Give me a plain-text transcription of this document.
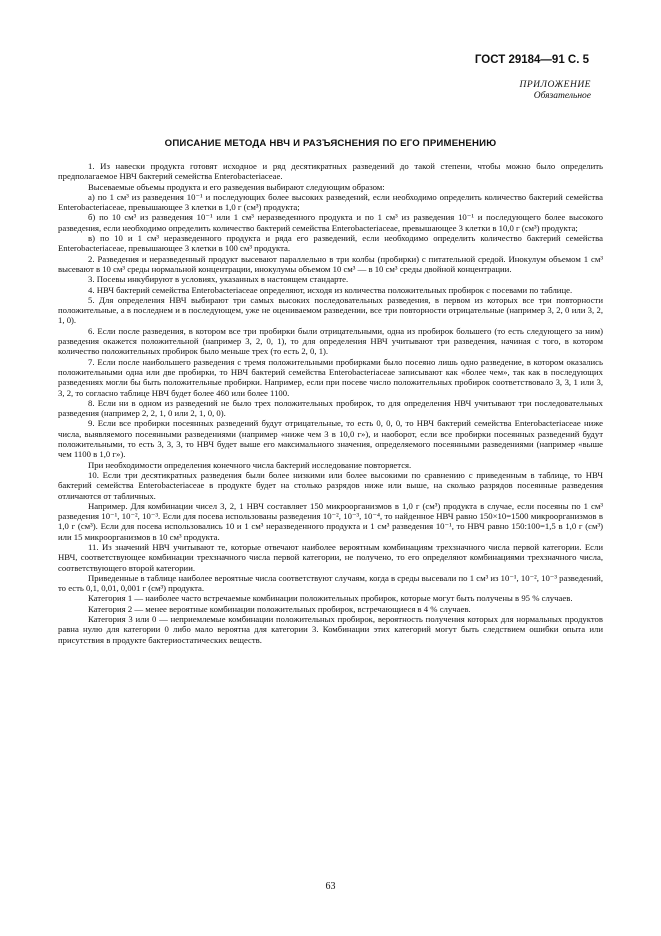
ГОСТ 29184—91 С. 5
ПРИЛОЖЕНИЕ
Обязательное
ОПИСАНИЕ МЕТОДА НВЧ И РАЗЪЯСНЕНИЯ ПО ЕГО ПРИМЕНЕНИЮ

1. Из навески продукта готовят исходное и ряд десятикратных разведений до такой степени, чтобы можно было определить предполагаемое НВЧ бактерий семейства Enterobacteriaceae.

Высеваемые объемы продукта и его разведения выбирают следующим образом:

а) по 1 см³ из разведения 10⁻¹ и последующих более высоких разведений, если необходимо определить количество бактерий семейства Enterobacteriaceae, превышающее 3 клетки в 1,0 г (см³) продукта;

б) по 10 см³ из разведения 10⁻¹ или 1 см³ неразведенного продукта и по 1 см³ из разведения 10⁻¹ и последующего более высокого разведения, если необходимо определить количество бактерий семейства Enterobacteriaceae, превышающее 3 клетки в 10,0 г (см³) продукта;

в) по 10 и 1 см³ неразведенного продукта и ряда его разведений, если необходимо определить количество бактерий семейства Enterobacteriaceae, превышающее 3 клетки в 100 см³ продукта.

2. Разведения и неразведенный продукт высевают параллельно в три колбы (пробирки) с питательной средой. Инокулум объемом 1 см³ высевают в 10 см³ среды нормальной концентрации, инокулумы объемом 10 см³ — в 10 см³ среды двойной концентрации.

3. Посевы инкубируют в условиях, указанных в настоящем стандарте.

4. НВЧ бактерий семейства Enterobacteriaceae определяют, исходя из количества положительных пробирок с посевами по таблице.

5. Для определения НВЧ выбирают три самых высоких последовательных разведения, в первом из которых все три повторности положительные, а в последнем и в последующем, уже не оцениваемом разведении, все три повторности отрицательные (например 3, 2, 0 или 3, 2, 1, 0).

6. Если после разведения, в котором все три пробирки были отрицательными, одна из пробирок большего (то есть следующего за ним) разведения окажется положительной (например 3, 2, 0, 1), то для определения НВЧ учитывают три разведения, начиная с того, в котором количество положительных пробирок было меньше трех (то есть 2, 0, 1).

7. Если после наибольшего разведения с тремя положительными пробирками было посеяно лишь одно разведение, в котором оказались положительными одна или две пробирки, то НВЧ бактерий семейства Enterobacteriaceae записывают как «более чем», так как в последующих разведениях могли бы быть положительные пробирки. Например, если при посеве число положительных пробирок соответствовало 3, 3, 1 или 3, 3, 2, то согласно таблице НВЧ будет более 460 или более 1100.

8. Если ни в одном из разведений не было трех положительных пробирок, то для определения НВЧ учитывают три последовательных разведения (например 2, 2, 1, 0 или 2, 1, 0, 0).

9. Если все пробирки посеянных разведений будут отрицательные, то есть 0, 0, 0, то НВЧ бактерий семейства Enterobacteriaceae ниже числа, выявляемого посеянными разведениями (например «ниже чем 3 в 10,0 г»), и наоборот, если все пробирки посеянных разведений будут положительными, то есть 3, 3, 3, то НВЧ будет выше его максимального значения, определяемого посеянными разведениями (например «выше чем 1100 в 1,0 г»).

При необходимости определения конечного числа бактерий исследование повторяется.

10. Если три десятикратных разведения были более низкими или более высокими по сравнению с приведенным в таблице, то НВЧ бактерий семейства Enterobacteriaceae в продукте будет на столько разрядов ниже или выше, на сколько разрядов посеянные разведения отличаются от табличных.

Например. Для комбинации чисел 3, 2, 1 НВЧ составляет 150 микроорганизмов в 1,0 г (см³) продукта в случае, если посеяны по 1 см³ разведения 10⁻¹, 10⁻², 10⁻³. Если для посева использованы разведения 10⁻², 10⁻³, 10⁻⁴, то найденное НВЧ равно 150×10=1500 микроорганизмов в 1,0 г (см³). Если для посева использовались 10 и 1 см³ неразведенного продукта и 1 см³ разведения 10⁻¹, то НВЧ равно 150:100=1,5 в 1,0 г (см³) или 15 микроорганизмов в 10 см³ продукта.

11. Из значений НВЧ учитывают те, которые отвечают наиболее вероятным комбинациям трехзначного числа первой категории. Если НВЧ, соответствующее комбинации трехзначного числа первой категории, не получено, то его определяют комбинациями трехзначного числа, соответствующего второй категории.

Приведенные в таблице наиболее вероятные числа соответствуют случаям, когда в среды высевали по 1 см³ из 10⁻¹, 10⁻², 10⁻³ разведений, то есть 0,1, 0,01, 0,001 г (см³) продукта.

Категория 1 — наиболее часто встречаемые комбинации положительных пробирок, которые могут быть получены в 95 % случаев.

Категория 2 — менее вероятные комбинации положительных пробирок, встречающиеся в 4 % случаев.

Категория 3 или 0 — неприемлемые комбинации положительных пробирок, вероятность получения которых для нормальных продуктов равна нулю для категории 0 либо мало вероятна для категории 3. Комбинации этих категорий могут быть следствием ошибки опыта или присутствия в продукте бактериостатических веществ.

63
